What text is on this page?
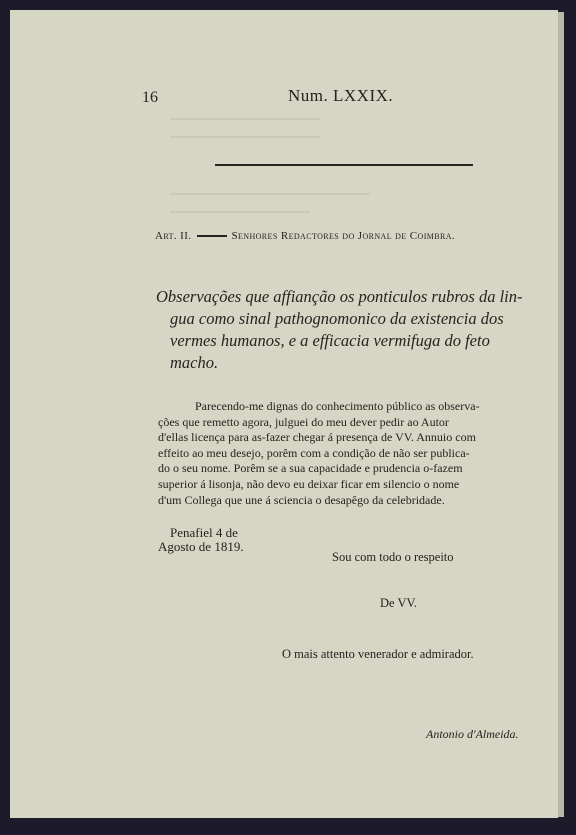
16	Num. LXXIX.
Art. II.	Senhores Redactores do Jornal de Coimbra.
Observações que affianção os ponticulos rubros da lin-
gua como sinal pathognomonico da existencia dos
vermes humanos, e a efficacia vermifuga do feto
macho.
Parecendo-me dignas do conhecimento público as observa-
ções que remetto agora, julguei do meu dever pedir ao Autor
d'ellas licença para as-fazer chegar á presença de VV. Annuio com
effeito ao meu desejo, porêm com a condição de não ser publica-
do o seu nome. Porêm se a sua capacidade e prudencia o-fazem
superior á lisonja, não devo eu deixar ficar em silencio o nome
d'um Collega que une á sciencia o desapêgo da celebridade.
Penafiel 4 de
Agosto de 1819.
Sou com todo o respeito
De VV.
O mais attento venerador e admirador.
Antonio d'Almeida.
